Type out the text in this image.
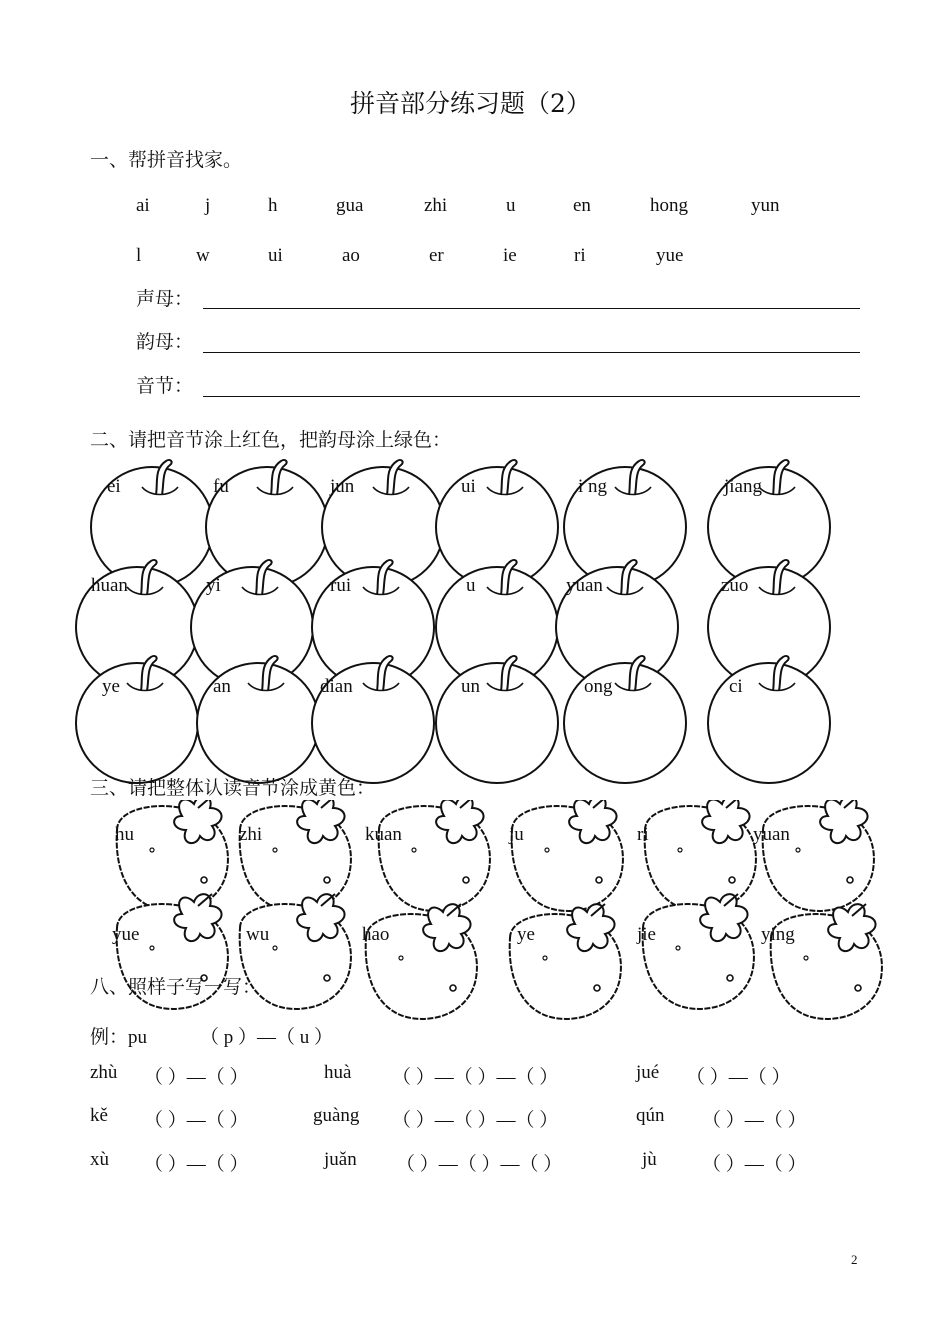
拼音部分练习题（2）
一、帮拼音找家。
ai	j	h	gua	zhi	u	en	hong	yun
l	w	ui	ao	er	ie	ri	yue
声母：
韵母：
音节：
二、请把音节涂上红色，把韵母涂上绿色：
ei	fu	jun	ui	i ng	jiang
huan	yi	rui	u	yuan	zuo
ye	an	dian	un	ong	ci
三、请把整体认读音节涂成黄色：
hu	zhi	kuan	ju	ri	yuan
yue	wu	hao	ye	jie	ying
八、照样子写一写：
例：pu	（ p ）—（ u ）
zhù （ ）—（ ）	huà （ ）—（ ）—（ ）	jué （ ）—（ ）
kě （ ）—（ ）	guàng （ ）—（ ）—（ ）	qún （ ）—（ ）
xù （ ）—（ ）	juǎn （ ）—（ ）—（ ）	jù （ ）—（ ）
2
